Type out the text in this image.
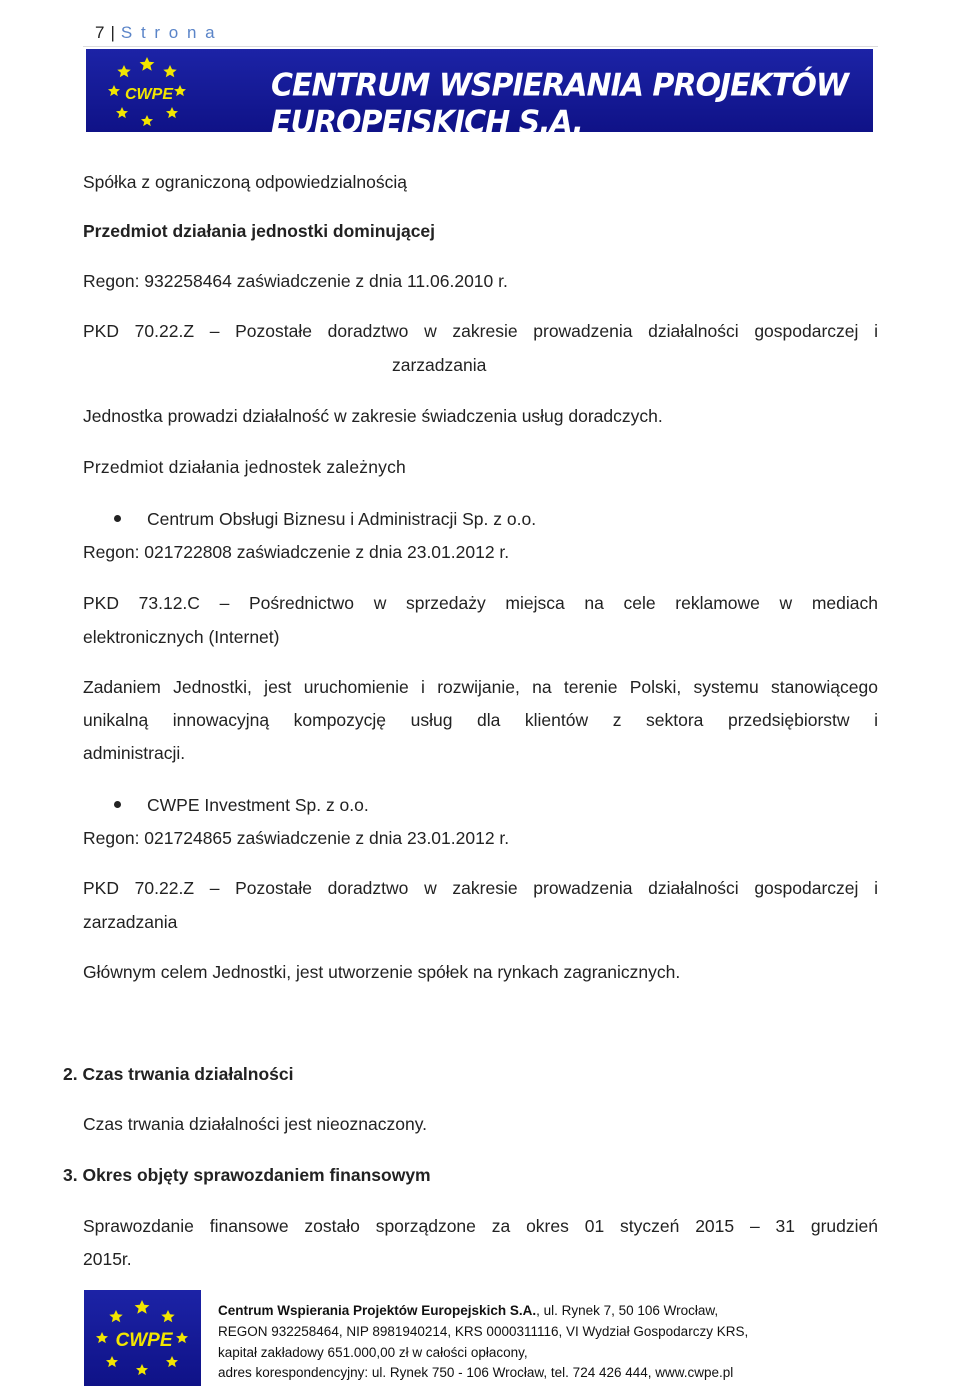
7 | S t r o n a
CWPE	CENTRUM WSPIERANIA PROJEKTÓW EUROPEJSKICH S.A.
Spółka z ograniczoną odpowiedzialnością
Przedmiot działania jednostki dominującej
Regon: 932258464 zaświadczenie z dnia 11.06.2010 r.
PKD 70.22.Z – Pozostałe doradztwo w zakresie prowadzenia działalności gospodarczej i
zarzadzania
Jednostka prowadzi działalność w zakresie świadczenia usług doradczych.
Przedmiot działania jednostek zależnych
Centrum Obsługi Biznesu i Administracji Sp. z o.o.
Regon: 021722808 zaświadczenie z dnia 23.01.2012 r.
PKD 73.12.C – Pośrednictwo w sprzedaży miejsca na cele reklamowe w mediach
elektronicznych (Internet)
Zadaniem Jednostki, jest uruchomienie i rozwijanie, na terenie Polski, systemu stanowiącego
unikalną innowacyjną kompozycję usług dla klientów z sektora przedsiębiorstw i
administracji.
CWPE Investment Sp. z o.o.
Regon: 021724865 zaświadczenie z dnia 23.01.2012 r.
PKD 70.22.Z – Pozostałe doradztwo w zakresie prowadzenia działalności gospodarczej i
zarzadzania
Głównym celem Jednostki, jest utworzenie spółek na rynkach zagranicznych.
2. Czas trwania działalności
Czas trwania działalności jest nieoznaczony.
3. Okres objęty sprawozdaniem finansowym
Sprawozdanie finansowe zostało sporządzone za okres 01 styczeń 2015 – 31 grudzień
2015r.
CWPE
Centrum Wspierania Projektów Europejskich S.A., ul. Rynek 7, 50 106 Wrocław,
REGON 932258464, NIP 8981940214, KRS 0000311116, VI Wydział Gospodarczy KRS,
kapitał zakładowy 651.000,00 zł w całości opłacony,
adres korespondencyjny: ul. Rynek 750 - 106 Wrocław, tel. 724 426 444, www.cwpe.pl
